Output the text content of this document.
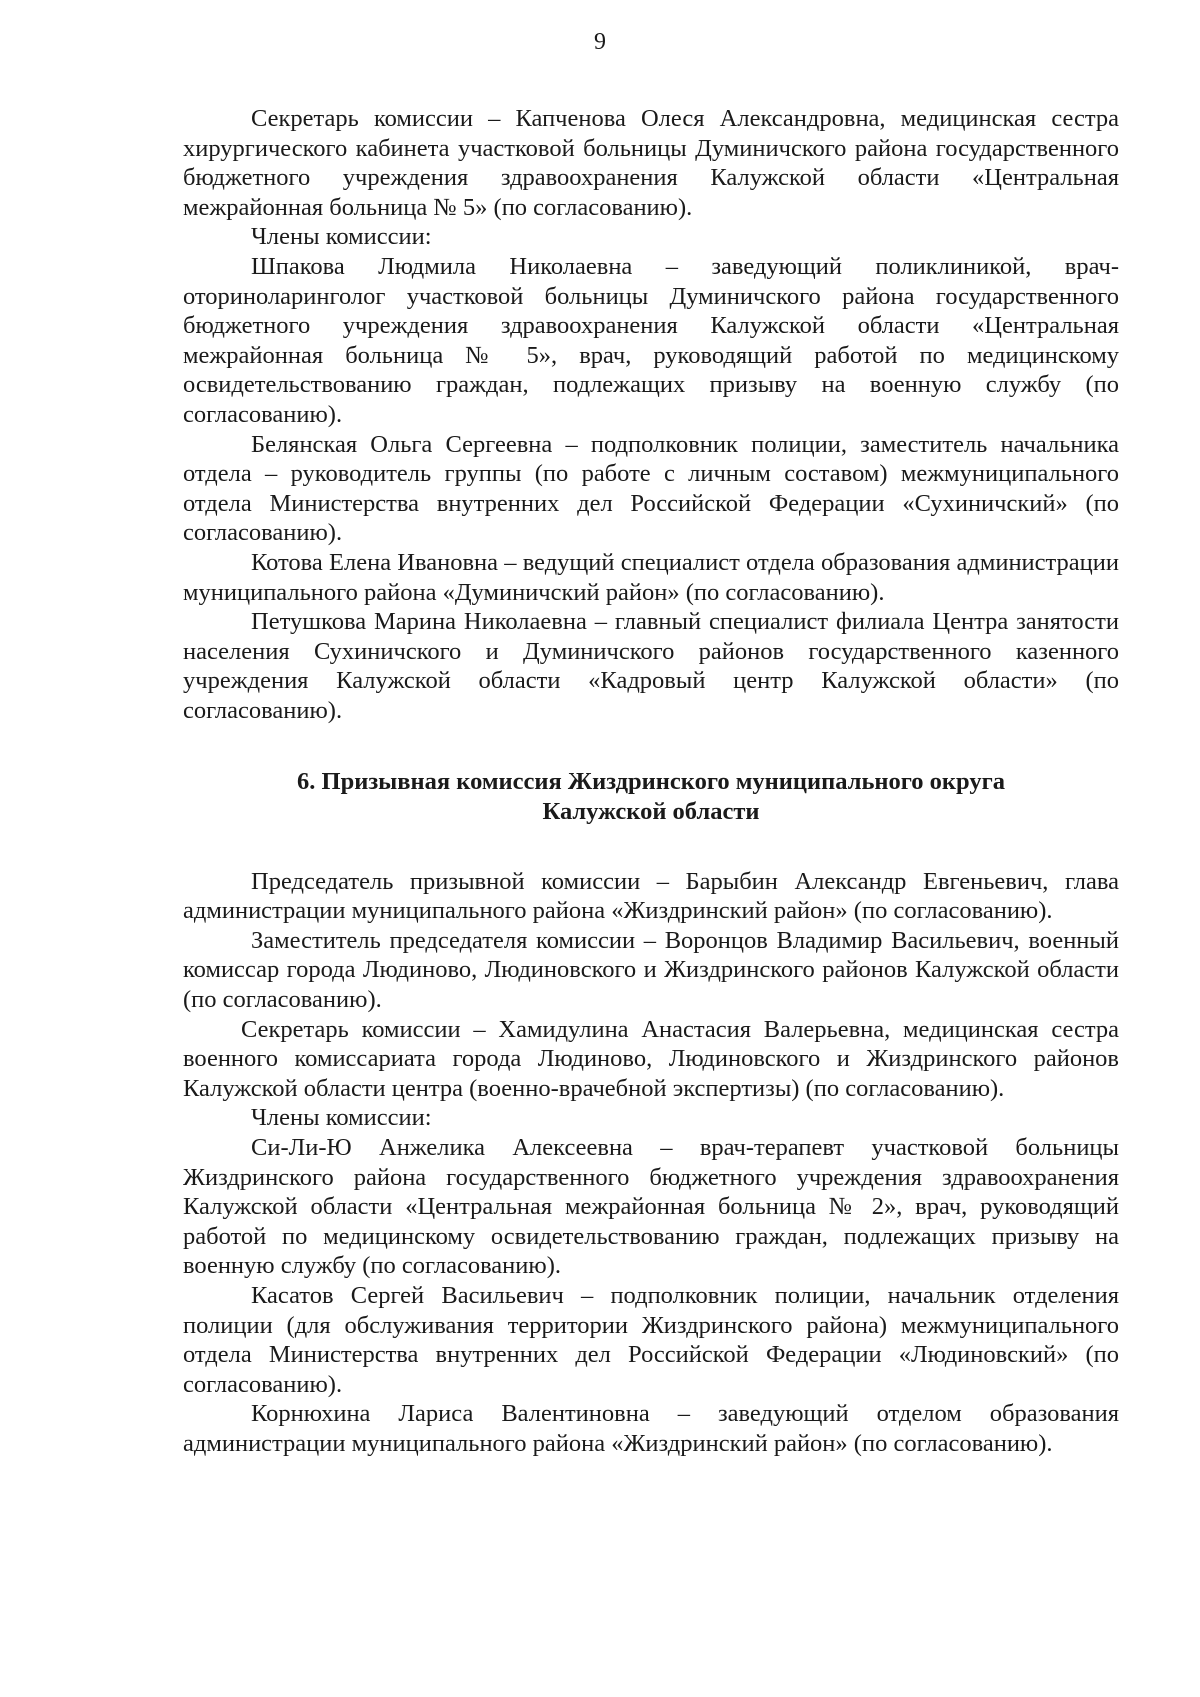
9

Секретарь комиссии – Капченова Олеся Александровна, медицинская сестра хирургического кабинета участковой больницы Думиничского района государственного бюджетного учреждения здравоохранения Калужской области «Центральная межрайонная больница № 5» (по согласованию).

Члены комиссии:

Шпакова Людмила Николаевна – заведующий поликлиникой, врач-оториноларинголог участковой больницы Думиничского района государственного бюджетного учреждения здравоохранения Калужской области «Центральная межрайонная больница № 5», врач, руководящий работой по медицинскому освидетельствованию граждан, подлежащих призыву на военную службу (по согласованию).

Белянская Ольга Сергеевна – подполковник полиции, заместитель начальника отдела – руководитель группы (по работе с личным составом) межмуниципального отдела Министерства внутренних дел Российской Федерации «Сухиничский» (по согласованию).

Котова Елена Ивановна – ведущий специалист отдела образования администрации муниципального района «Думиничский район» (по согласованию).

Петушкова Марина Николаевна – главный специалист филиала Центра занятости населения Сухиничского и Думиничского районов государственного казенного учреждения Калужской области «Кадровый центр Калужской области» (по согласованию).

6. Призывная комиссия Жиздринского муниципального округа
Калужской области

Председатель призывной комиссии – Барыбин Александр Евгеньевич, глава администрации муниципального района «Жиздринский район» (по согласованию).

Заместитель председателя комиссии – Воронцов Владимир Васильевич, военный комиссар города Людиново, Людиновского и Жиздринского районов Калужской области (по согласованию).

Секретарь комиссии – Хамидулина Анастасия Валерьевна, медицинская сестра военного комиссариата города Людиново, Людиновского и Жиздринского районов Калужской области центра (военно-врачебной экспертизы) (по согласованию).

Члены комиссии:

Си-Ли-Ю Анжелика Алексеевна – врач-терапевт участковой больницы Жиздринского района государственного бюджетного учреждения здравоохранения Калужской области «Центральная межрайонная больница № 2», врач, руководящий работой по медицинскому освидетельствованию граждан, подлежащих призыву на военную службу (по согласованию).

Касатов Сергей Васильевич – подполковник полиции, начальник отделения полиции (для обслуживания территории Жиздринского района) межмуниципального отдела Министерства внутренних дел Российской Федерации «Людиновский» (по согласованию).

Корнюхина Лариса Валентиновна – заведующий отделом образования администрации муниципального района «Жиздринский район» (по согласованию).
